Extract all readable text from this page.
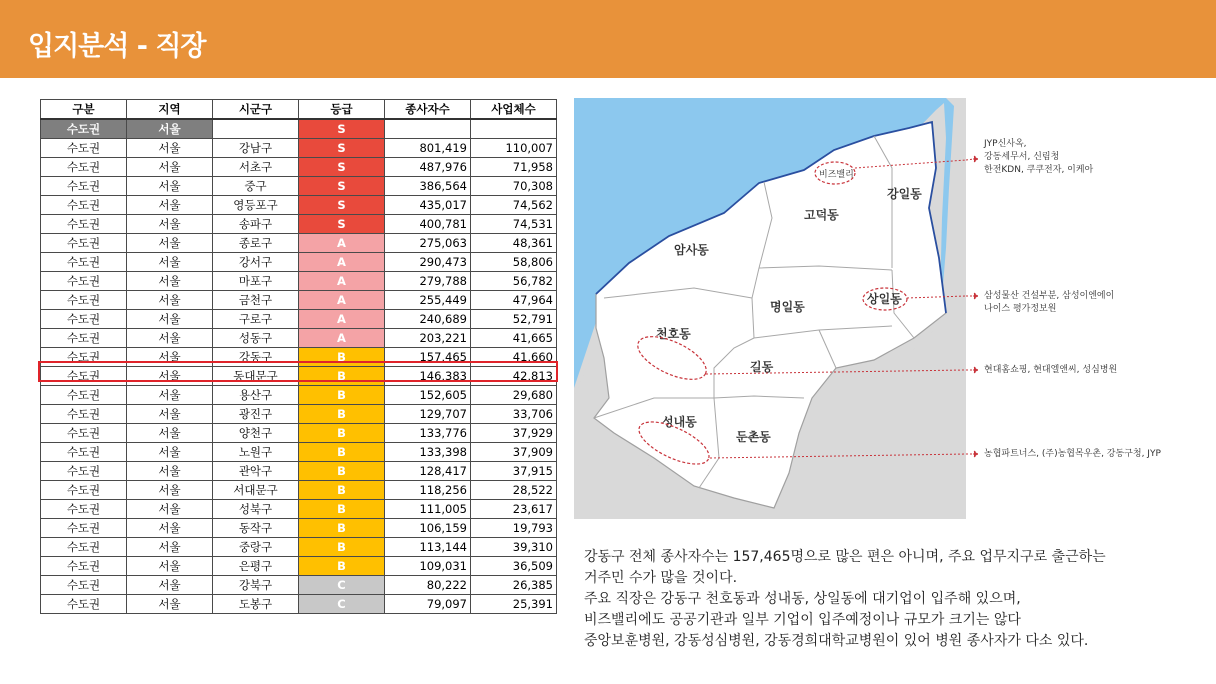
입지분석 - 직장
구분	지역	시군구	등급	종사자수	사업체수
수도권	서울		S		
수도권	서울	강남구	S	801,419	110,007
수도권	서울	서초구	S	487,976	71,958
수도권	서울	중구	S	386,564	70,308
수도권	서울	영등포구	S	435,017	74,562
수도권	서울	송파구	S	400,781	74,531
수도권	서울	종로구	A	275,063	48,361
수도권	서울	강서구	A	290,473	58,806
수도권	서울	마포구	A	279,788	56,782
수도권	서울	금천구	A	255,449	47,964
수도권	서울	구로구	A	240,689	52,791
수도권	서울	성동구	A	203,221	41,665
수도권	서울	강동구	B	157,465	41,660
수도권	서울	동대문구	B	146,383	42,813
수도권	서울	용산구	B	152,605	29,680
수도권	서울	광진구	B	129,707	33,706
수도권	서울	양천구	B	133,776	37,929
수도권	서울	노원구	B	133,398	37,909
수도권	서울	관악구	B	128,417	37,915
수도권	서울	서대문구	B	118,256	28,522
수도권	서울	성북구	B	111,005	23,617
수도권	서울	동작구	B	106,159	19,793
수도권	서울	중랑구	B	113,144	39,310
수도권	서울	은평구	B	109,031	36,509
수도권	서울	강북구	C	80,222	26,385
수도권	서울	도봉구	C	79,097	25,391
암사동
고덕동
강일동
명일동
상일동
천호동
길동
성내동
둔촌동
비즈밸리
JYP신사옥,
강동세무서, 신림청
한전KDN, 쿠쿠전자, 이케아
삼성물산 건설부분, 삼성이엔에이
나이스 평가정보원
현대홈쇼핑, 현대엘앤씨, 성심병원
농협파트너스, (주)농협목우촌, 강동구청, JYP
강동구 전체 종사자수는 157,465명으로 많은 편은 아니며, 주요 업무지구로 출근하는
거주민 수가 많을 것이다.
주요 직장은 강동구 천호동과 성내동, 상일동에 대기업이 입주해 있으며,
비즈밸리에도 공공기관과 일부 기업이 입주예정이나 규모가 크기는 않다
중앙보훈병원, 강동성심병원, 강동경희대학교병원이 있어 병원 종사자가 다소 있다.
